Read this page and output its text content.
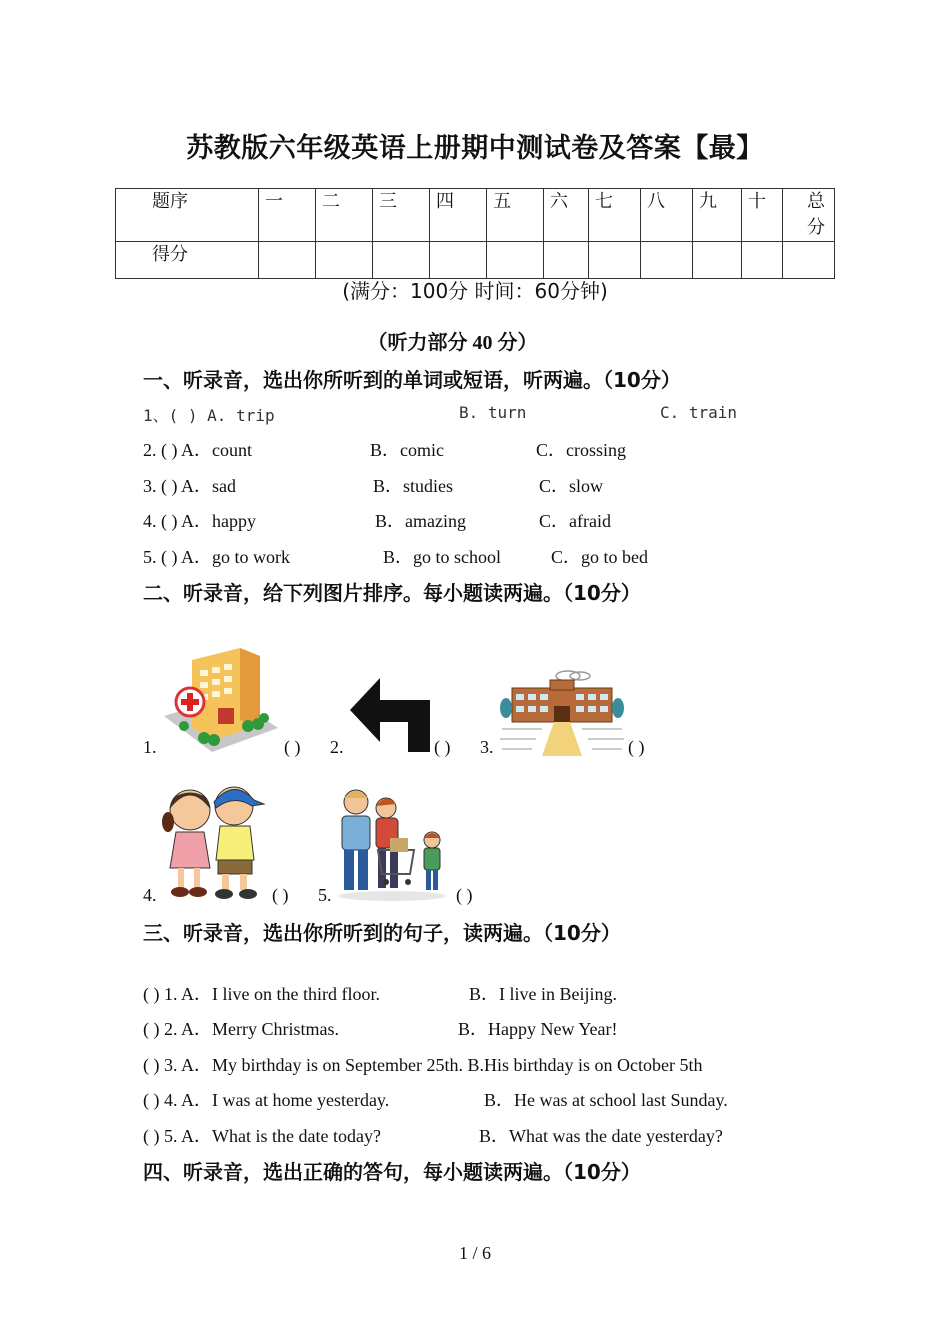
苏教版六年级英语上册期中测试卷及答案【最】
题序	一	二	三	四	五	六	七	八	九	十	总分
得分											
(满分：100分 时间：60分钟)
（听力部分 40 分）
一、听录音，选出你所听到的单词或短语，听两遍。（10分）
1、( ) A. trip	B. turn	C. train
2. ( ) A．count	B．comic	C．crossing
3. ( ) A．sad	B．studies	C．slow
4. ( ) A．happy	B．amazing	C．afraid
5. ( ) A．go to work	B．go to school	C．go to bed
二、听录音，给下列图片排序。每小题读两遍。（10分）
1.	( ) 2.	( ) 3.	( )
4.	( ) 5.	( )
三、听录音，选出你所听到的句子，读两遍。（10分）
( ) 1. A．I live on the third floor.	B．I live in Beijing.
( ) 2. A．Merry Christmas.	B．Happy New Year!
( ) 3. A．My birthday is on September 25th. B.His birthday is on October 5th
( ) 4. A．I was at home yesterday.	B．He was at school last Sunday.
( ) 5. A．What is the date today?	B．What was the date yesterday?
四、听录音，选出正确的答句，每小题读两遍。（10分）
1 / 6
